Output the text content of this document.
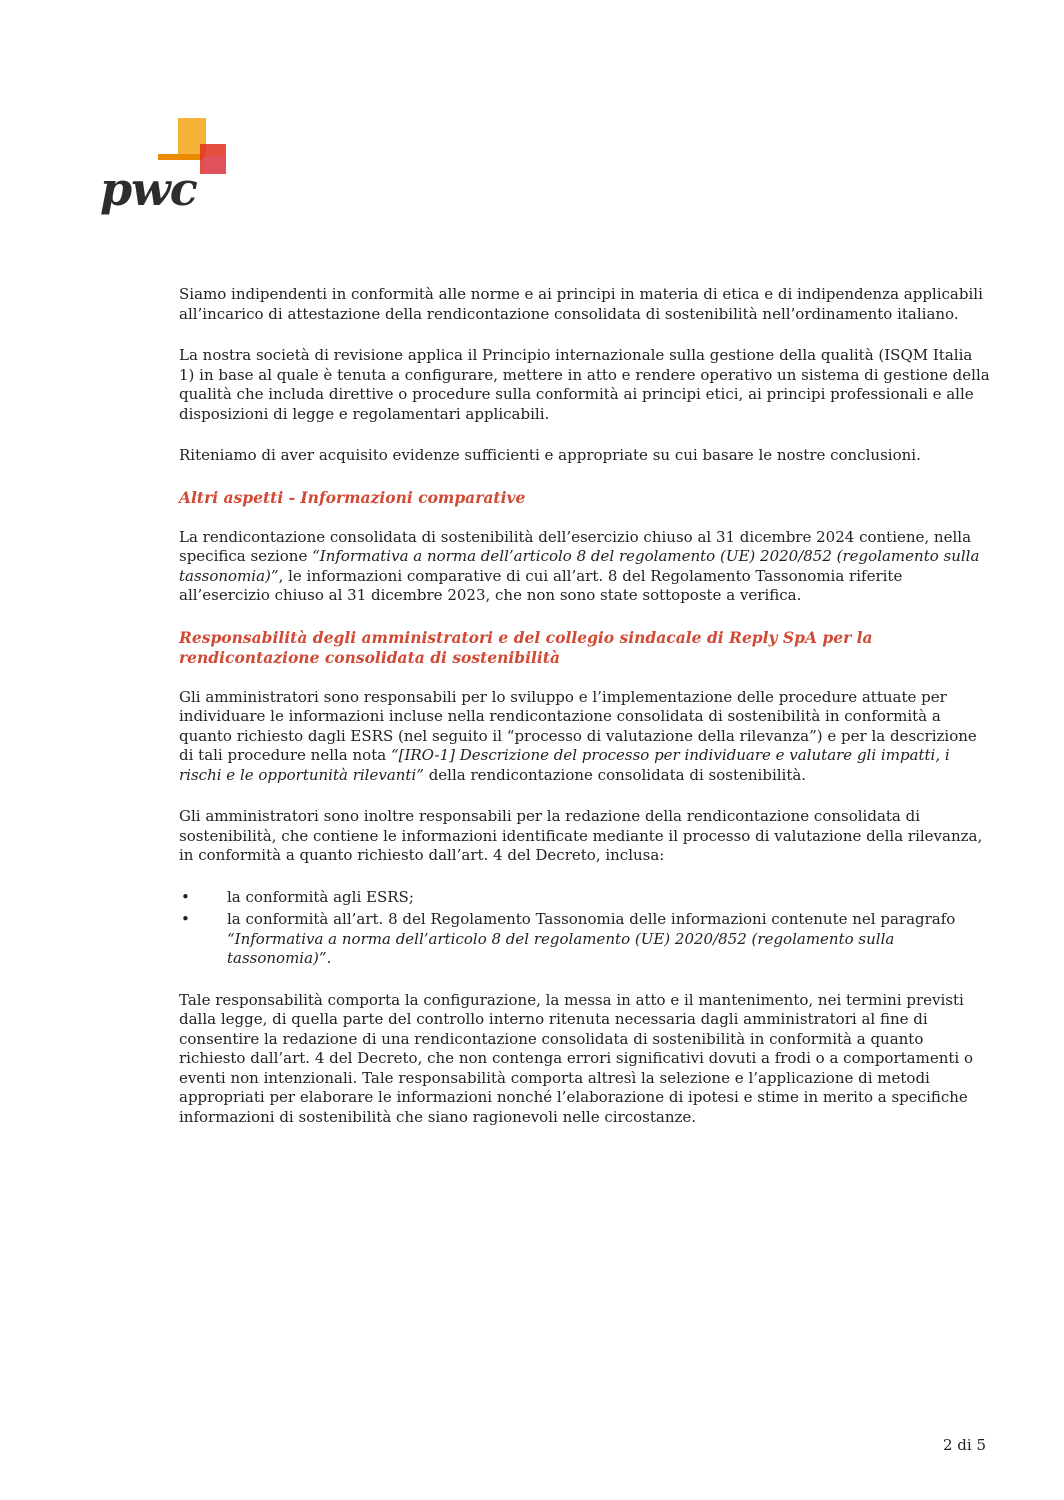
pwc

Siamo indipendenti in conformità alle norme e ai principi in materia di etica e di indipendenza applicabili all’incarico di attestazione della rendicontazione consolidata di sostenibilità nell’ordinamento italiano.

La nostra società di revisione applica il Principio internazionale sulla gestione della qualità (ISQM Italia 1) in base al quale è tenuta a configurare, mettere in atto e rendere operativo un sistema di gestione della qualità che includa direttive o procedure sulla conformità ai principi etici, ai principi professionali e alle disposizioni di legge e regolamentari applicabili.

Riteniamo di aver acquisito evidenze sufficienti e appropriate su cui basare le nostre conclusioni.

Altri aspetti - Informazioni comparative

La rendicontazione consolidata di sostenibilità dell’esercizio chiuso al 31 dicembre 2024 contiene, nella specifica sezione “Informativa a norma dell’articolo 8 del regolamento (UE) 2020/852 (regolamento sulla tassonomia)”, le informazioni comparative di cui all’art. 8 del Regolamento Tassonomia riferite all’esercizio chiuso al 31 dicembre 2023, che non sono state sottoposte a verifica.

Responsabilità degli amministratori e del collegio sindacale di Reply SpA per la rendicontazione consolidata di sostenibilità

Gli amministratori sono responsabili per lo sviluppo e l’implementazione delle procedure attuate per individuare le informazioni incluse nella rendicontazione consolidata di sostenibilità in conformità a quanto richiesto dagli ESRS (nel seguito il “processo di valutazione della rilevanza”) e per la descrizione di tali procedure nella nota “[IRO-1] Descrizione del processo per individuare e valutare gli impatti, i rischi e le opportunità rilevanti” della rendicontazione consolidata di sostenibilità.

Gli amministratori sono inoltre responsabili per la redazione della rendicontazione consolidata di sostenibilità, che contiene le informazioni identificate mediante il processo di valutazione della rilevanza, in conformità a quanto richiesto dall’art. 4 del Decreto, inclusa:

• la conformità agli ESRS;
• la conformità all’art. 8 del Regolamento Tassonomia delle informazioni contenute nel paragrafo “Informativa a norma dell’articolo 8 del regolamento (UE) 2020/852 (regolamento sulla tassonomia)”.

Tale responsabilità comporta la configurazione, la messa in atto e il mantenimento, nei termini previsti dalla legge, di quella parte del controllo interno ritenuta necessaria dagli amministratori al fine di consentire la redazione di una rendicontazione consolidata di sostenibilità in conformità a quanto richiesto dall’art. 4 del Decreto, che non contenga errori significativi dovuti a frodi o a comportamenti o eventi non intenzionali. Tale responsabilità comporta altresì la selezione e l’applicazione di metodi appropriati per elaborare le informazioni nonché l’elaborazione di ipotesi e stime in merito a specifiche informazioni di sostenibilità che siano ragionevoli nelle circostanze.

2 di 5
